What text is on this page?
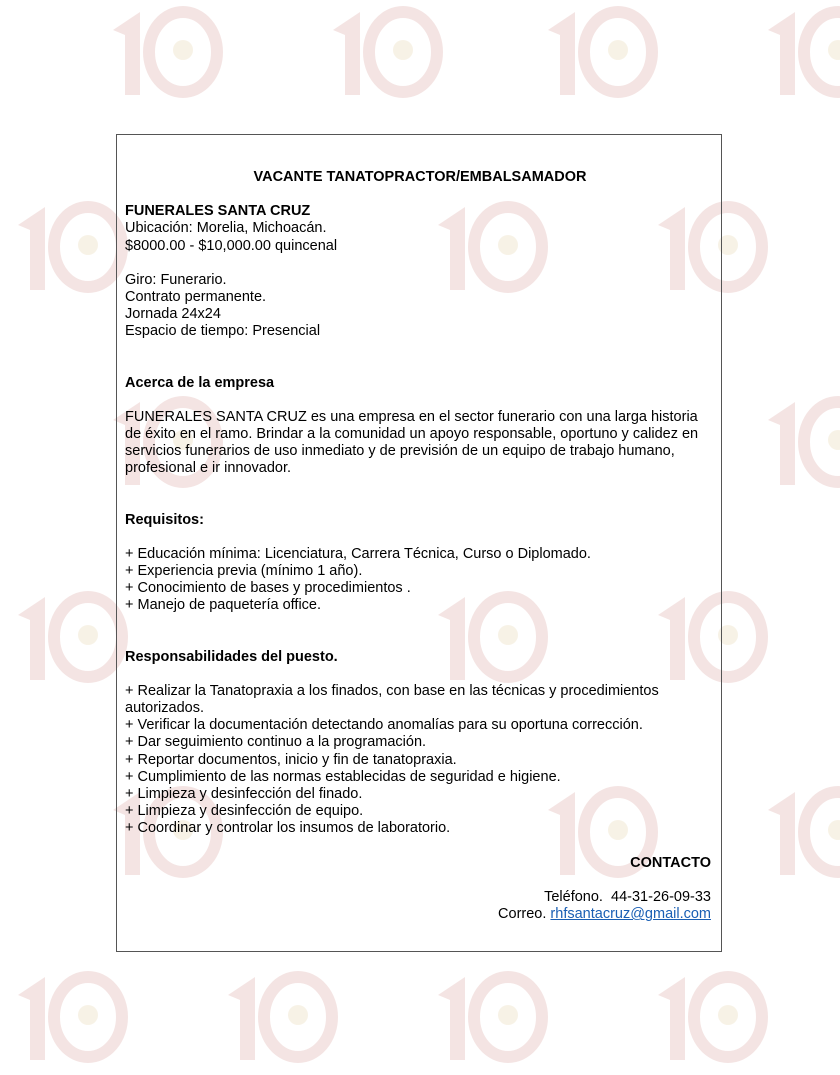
VACANTE TANATOPRACTOR/EMBALSAMADOR

FUNERALES SANTA CRUZ

Ubicación: Morelia, Michoacán.

$8000.00 - $10,000.00 quincenal

Giro: Funerario.

Contrato permanente.

Jornada 24x24

Espacio de tiempo: Presencial

Acerca de la empresa

FUNERALES SANTA CRUZ es una empresa en el sector funerario con una larga historia de éxito en el ramo. Brindar a la comunidad un apoyo responsable, oportuno y calidez en servicios funerarios de uso inmediato y de previsión de un equipo de trabajo humano, profesional e ir innovador.

Requisitos:

+ Educación mínima: Licenciatura, Carrera Técnica, Curso o Diplomado.
+ Experiencia previa (mínimo 1 año).
+ Conocimiento de bases y procedimientos .
+ Manejo de paquetería office.

Responsabilidades del puesto.

+ Realizar la Tanatopraxia a los finados, con base en las técnicas y procedimientos autorizados.
+ Verificar la documentación detectando anomalías para su oportuna corrección.
+ Dar seguimiento continuo a la programación.
+ Reportar documentos, inicio y fin de tanatopraxia.
+ Cumplimiento de las normas establecidas de seguridad e higiene.
+ Limpieza y desinfección del finado.
+ Limpieza y desinfección de equipo.
+ Coordinar y controlar los insumos de laboratorio.

CONTACTO

Teléfono. 44-31-26-09-33

Correo. rhfsantacruz@gmail.com
